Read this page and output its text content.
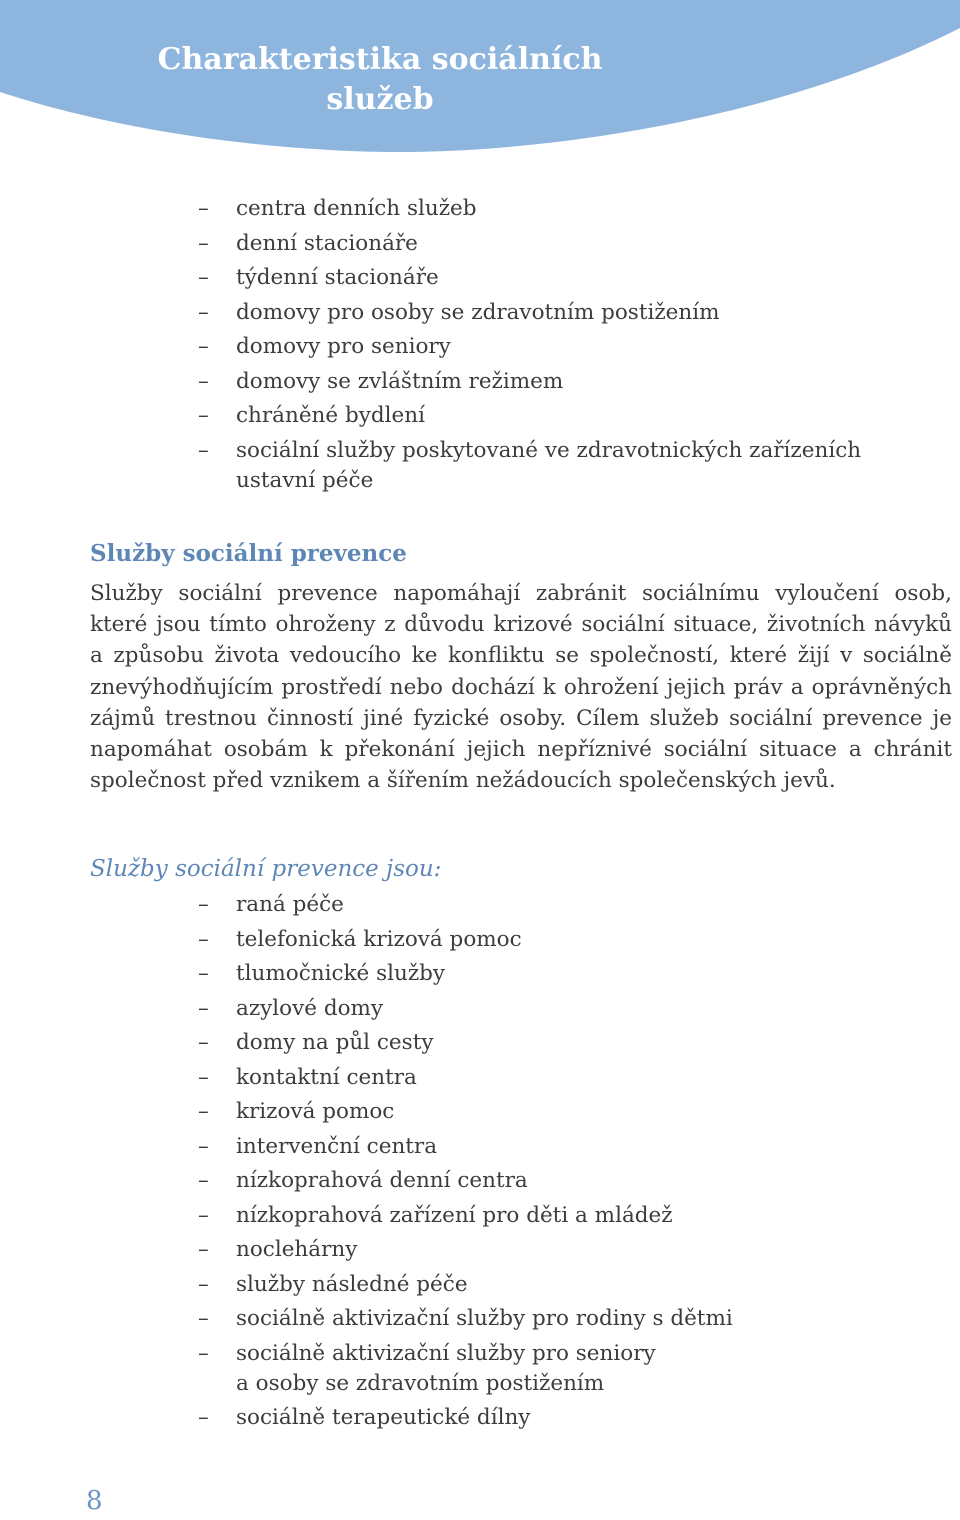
Charakteristika sociálních
služeb
– centra denních služeb
– denní stacionáře
– týdenní stacionáře
– domovy pro osoby se zdravotním postižením
– domovy pro seniory
– domovy se zvláštním režimem
– chráněné bydlení
– sociální služby poskytované ve zdravotnických zařízeních
ustavní péče
Služby sociální prevence

Služby sociální prevence napomáhají zabránit sociálnímu vyloučení osob, které jsou tímto ohroženy z důvodu krizové sociální situace, životních návyků a způsobu života vedoucího ke konfliktu se společností, které žijí v sociálně znevýhodňujícím prostředí nebo dochází k ohrožení jejich práv a oprávněných zájmů trestnou činností jiné fyzické osoby. Cílem služeb sociální prevence je napomáhat osobám k překonání jejich nepříznivé sociální situace a chránit společnost před vznikem a šířením nežádoucích společenských jevů.

Služby sociální prevence jsou:

– raná péče
– telefonická krizová pomoc
– tlumočnické služby
– azylové domy
– domy na půl cesty
– kontaktní centra
– krizová pomoc
– intervenční centra
– nízkoprahová denní centra
– nízkoprahová zařízení pro děti a mládež
– noclehárny
– služby následné péče
– sociálně aktivizační služby pro rodiny s dětmi
– sociálně aktivizační služby pro seniory
a osoby se zdravotním postižením
– sociálně terapeutické dílny
8
